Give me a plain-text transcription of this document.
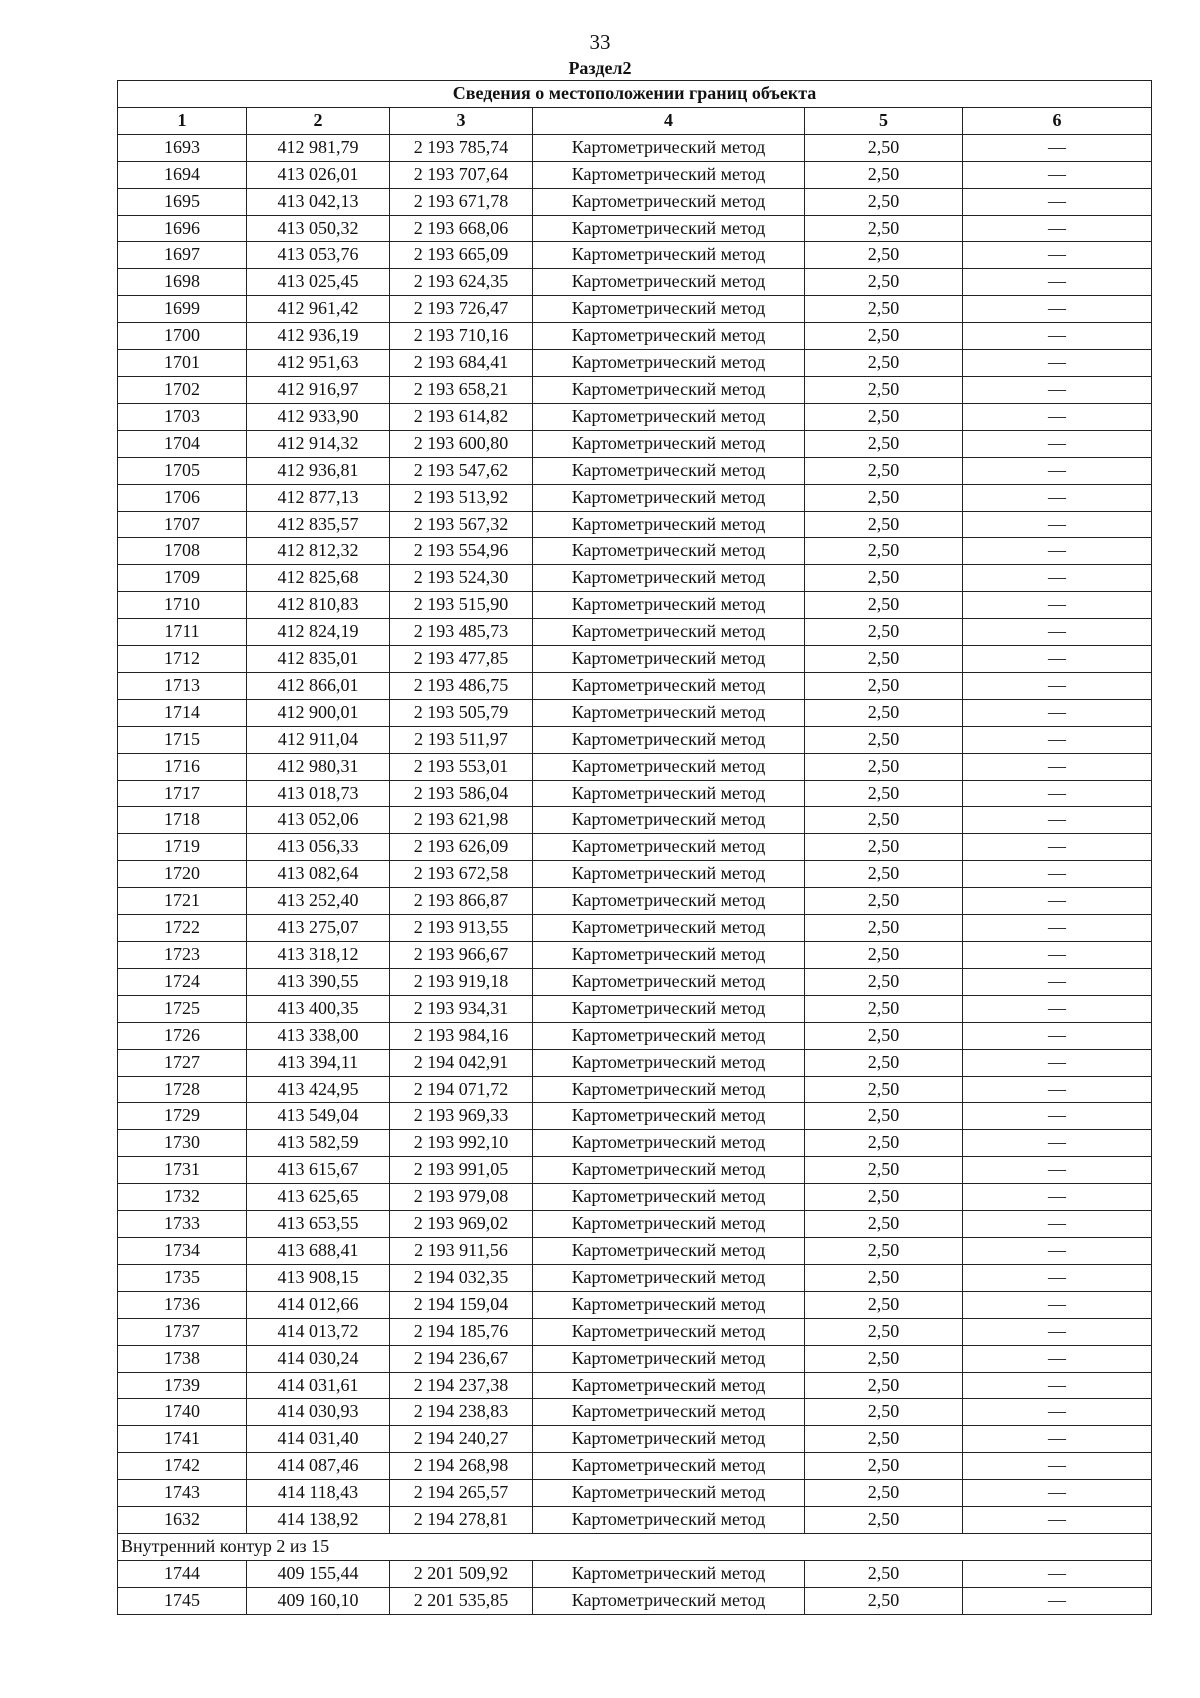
33
Раздел2
Сведения о местоположении границ объекта					
1	2	3	4	5	6
1693	412 981,79	2 193 785,74	Картометрический метод	2,50	—
1694	413 026,01	2 193 707,64	Картометрический метод	2,50	—
1695	413 042,13	2 193 671,78	Картометрический метод	2,50	—
1696	413 050,32	2 193 668,06	Картометрический метод	2,50	—
1697	413 053,76	2 193 665,09	Картометрический метод	2,50	—
1698	413 025,45	2 193 624,35	Картометрический метод	2,50	—
1699	412 961,42	2 193 726,47	Картометрический метод	2,50	—
1700	412 936,19	2 193 710,16	Картометрический метод	2,50	—
1701	412 951,63	2 193 684,41	Картометрический метод	2,50	—
1702	412 916,97	2 193 658,21	Картометрический метод	2,50	—
1703	412 933,90	2 193 614,82	Картометрический метод	2,50	—
1704	412 914,32	2 193 600,80	Картометрический метод	2,50	—
1705	412 936,81	2 193 547,62	Картометрический метод	2,50	—
1706	412 877,13	2 193 513,92	Картометрический метод	2,50	—
1707	412 835,57	2 193 567,32	Картометрический метод	2,50	—
1708	412 812,32	2 193 554,96	Картометрический метод	2,50	—
1709	412 825,68	2 193 524,30	Картометрический метод	2,50	—
1710	412 810,83	2 193 515,90	Картометрический метод	2,50	—
1711	412 824,19	2 193 485,73	Картометрический метод	2,50	—
1712	412 835,01	2 193 477,85	Картометрический метод	2,50	—
1713	412 866,01	2 193 486,75	Картометрический метод	2,50	—
1714	412 900,01	2 193 505,79	Картометрический метод	2,50	—
1715	412 911,04	2 193 511,97	Картометрический метод	2,50	—
1716	412 980,31	2 193 553,01	Картометрический метод	2,50	—
1717	413 018,73	2 193 586,04	Картометрический метод	2,50	—
1718	413 052,06	2 193 621,98	Картометрический метод	2,50	—
1719	413 056,33	2 193 626,09	Картометрический метод	2,50	—
1720	413 082,64	2 193 672,58	Картометрический метод	2,50	—
1721	413 252,40	2 193 866,87	Картометрический метод	2,50	—
1722	413 275,07	2 193 913,55	Картометрический метод	2,50	—
1723	413 318,12	2 193 966,67	Картометрический метод	2,50	—
1724	413 390,55	2 193 919,18	Картометрический метод	2,50	—
1725	413 400,35	2 193 934,31	Картометрический метод	2,50	—
1726	413 338,00	2 193 984,16	Картометрический метод	2,50	—
1727	413 394,11	2 194 042,91	Картометрический метод	2,50	—
1728	413 424,95	2 194 071,72	Картометрический метод	2,50	—
1729	413 549,04	2 193 969,33	Картометрический метод	2,50	—
1730	413 582,59	2 193 992,10	Картометрический метод	2,50	—
1731	413 615,67	2 193 991,05	Картометрический метод	2,50	—
1732	413 625,65	2 193 979,08	Картометрический метод	2,50	—
1733	413 653,55	2 193 969,02	Картометрический метод	2,50	—
1734	413 688,41	2 193 911,56	Картометрический метод	2,50	—
1735	413 908,15	2 194 032,35	Картометрический метод	2,50	—
1736	414 012,66	2 194 159,04	Картометрический метод	2,50	—
1737	414 013,72	2 194 185,76	Картометрический метод	2,50	—
1738	414 030,24	2 194 236,67	Картометрический метод	2,50	—
1739	414 031,61	2 194 237,38	Картометрический метод	2,50	—
1740	414 030,93	2 194 238,83	Картометрический метод	2,50	—
1741	414 031,40	2 194 240,27	Картометрический метод	2,50	—
1742	414 087,46	2 194 268,98	Картометрический метод	2,50	—
1743	414 118,43	2 194 265,57	Картометрический метод	2,50	—
1632	414 138,92	2 194 278,81	Картометрический метод	2,50	—
Внутренний контур 2 из 15					
1744	409 155,44	2 201 509,92	Картометрический метод	2,50	—
1745	409 160,10	2 201 535,85	Картометрический метод	2,50	—
